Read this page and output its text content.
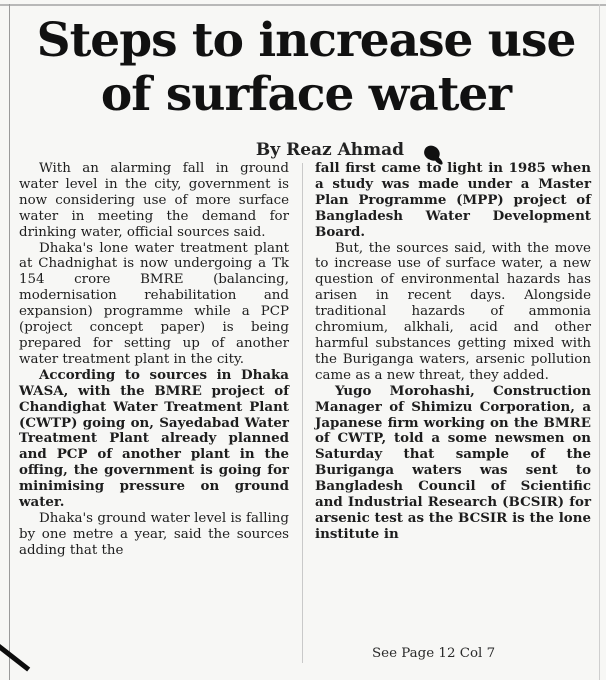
Steps to increase use
of surface water
By Reaz Ahmad

With an alarming fall in ground water level in the city, government is now considering use of more surface water in meeting the demand for drinking water, official sources said.

Dhaka's lone water treatment plant at Chadnighat is now undergoing a Tk 154 crore BMRE (balancing, modernisation rehabilitation and expansion) programme while a PCP (project concept paper) is being prepared for setting up of another water treatment plant in the city.

According to sources in Dhaka WASA, with the BMRE project of Chandighat Water Treatment Plant (CWTP) going on, Sayedabad Water Treatment Plant already planned and PCP of another plant in the offing, the government is going for minimising pressure on ground water.

Dhaka's ground water level is falling by one metre a year, said the sources adding that the

fall first came to light in 1985 when a study was made under a Master Plan Programme (MPP) project of Bangladesh Water Development Board.

But, the sources said, with the move to increase use of surface water, a new question of environmental hazards has arisen in recent days. Alongside traditional hazards of ammonia chromium, alkhali, acid and other harmful substances getting mixed with the Buriganga waters, arsenic pollution came as a new threat, they added.

Yugo Morohashi, Construction Manager of Shimizu Corporation, a Japanese firm working on the BMRE of CWTP, told a some newsmen on Saturday that sample of the Buriganga waters was sent to Bangladesh Council of Scientific and Industrial Research (BCSIR) for arsenic test as the BCSIR is the lone institute in

See Page 12 Col 7
